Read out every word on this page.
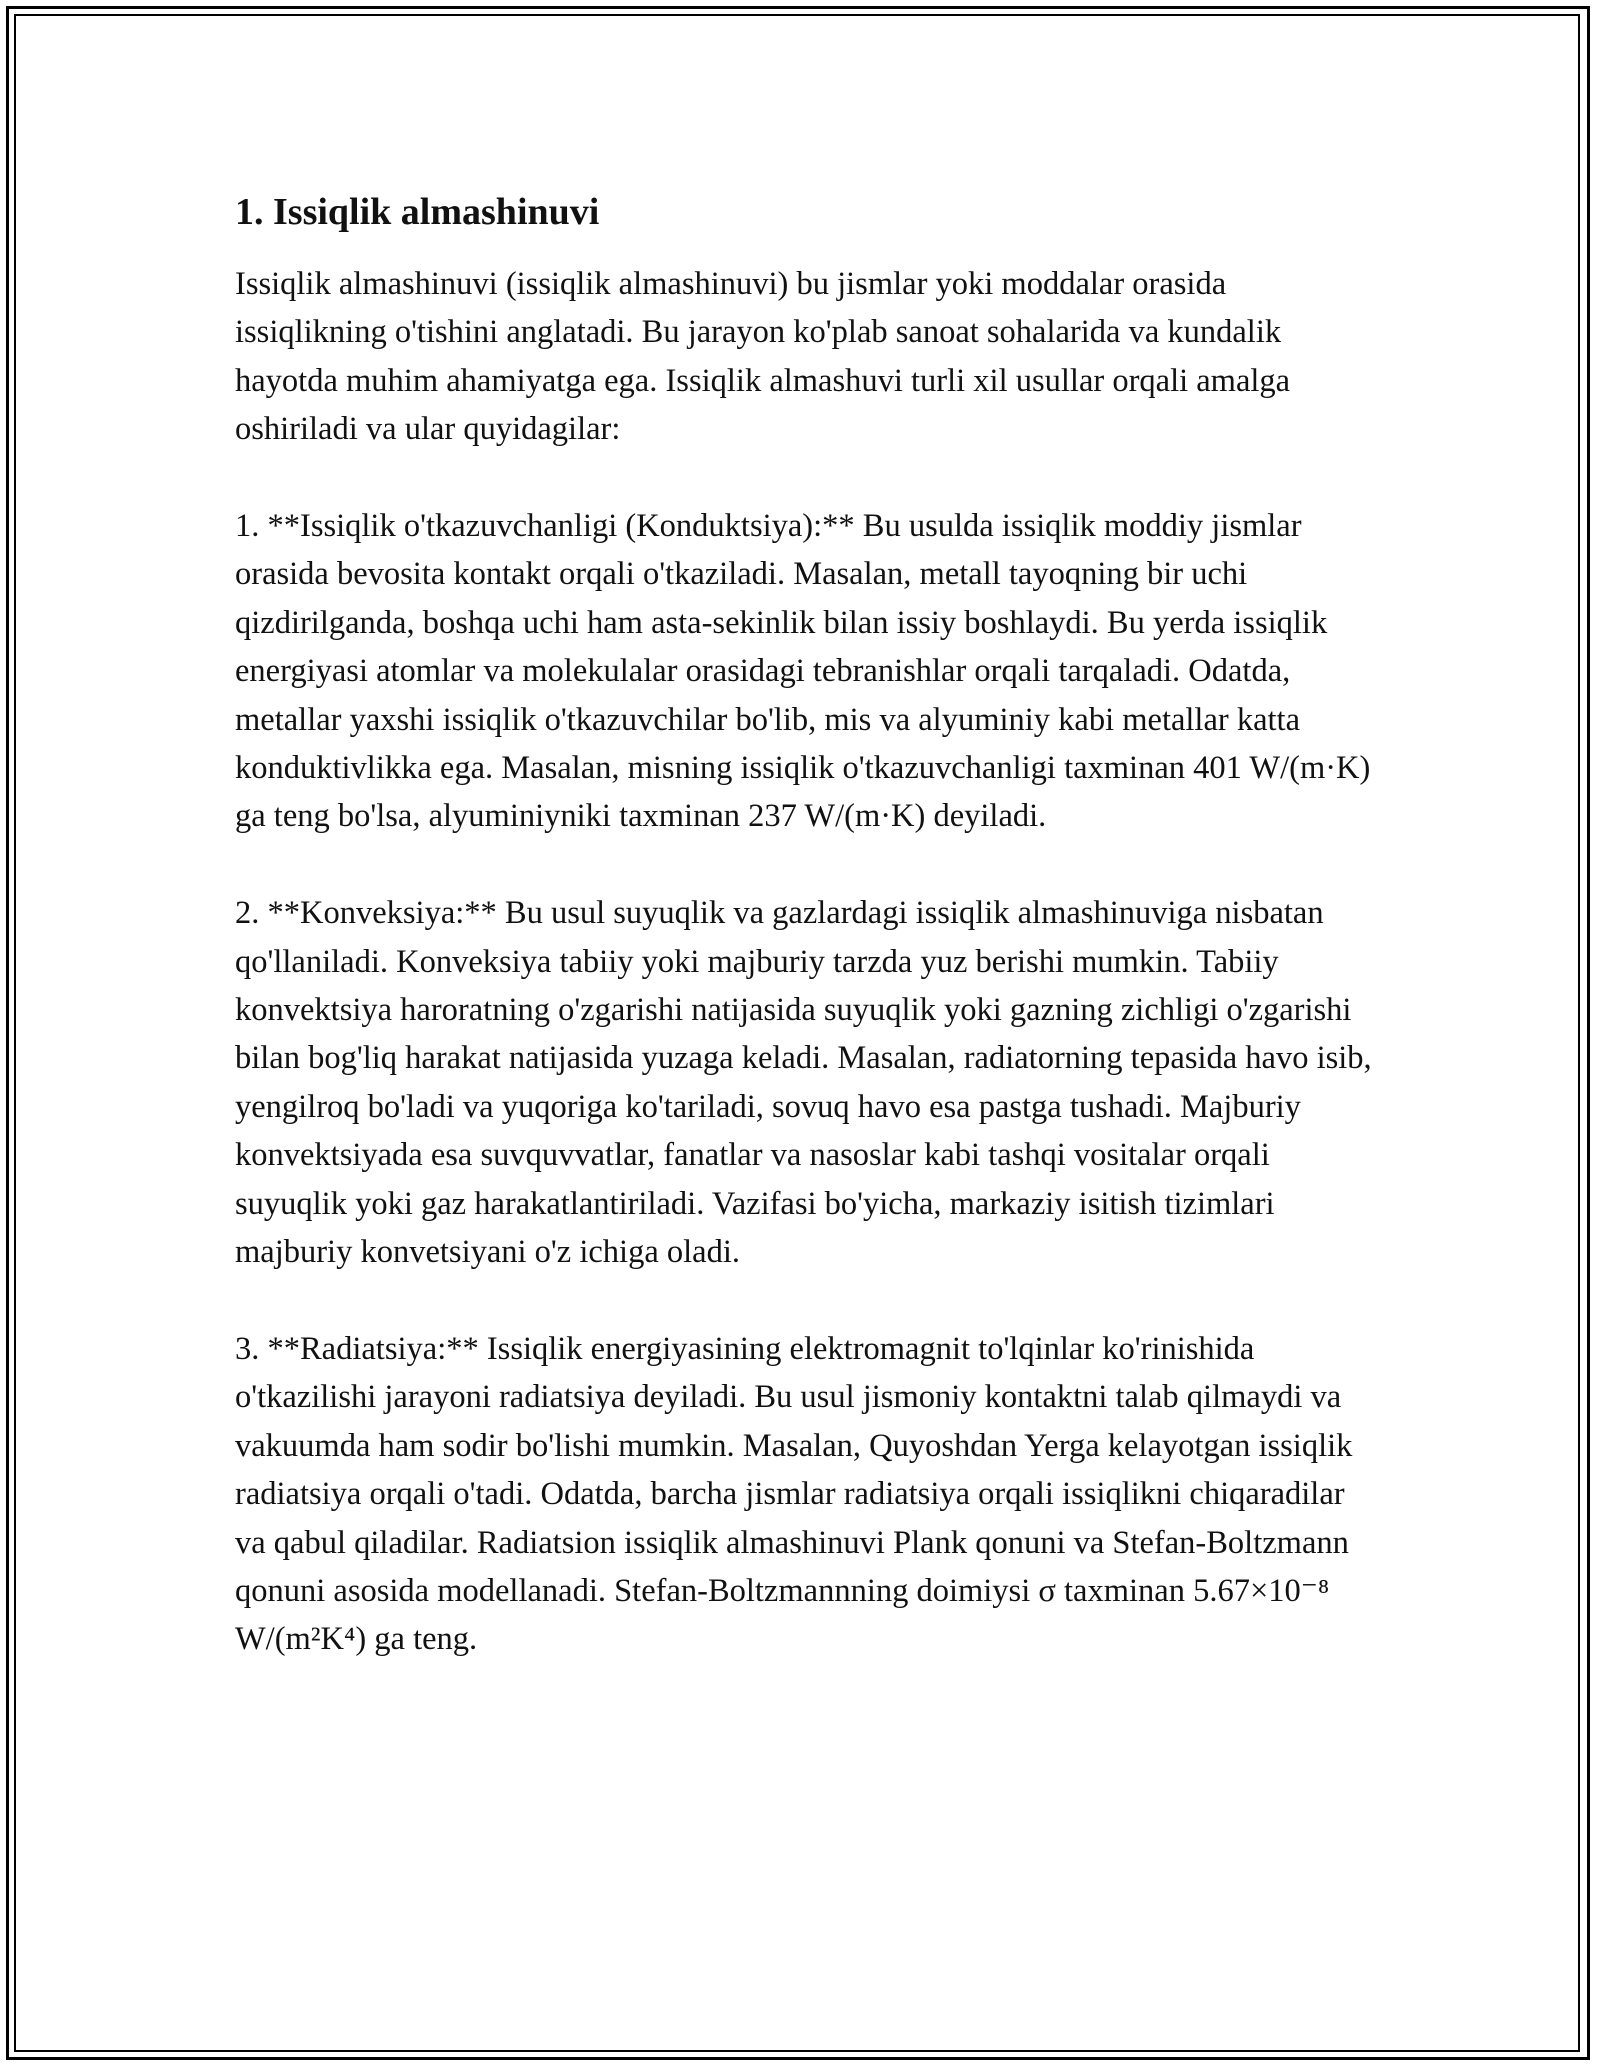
1. Issiqlik almashinuvi

Issiqlik almashinuvi (issiqlik almashinuvi) bu jismlar yoki moddalar orasida issiqlikning o'tishini anglatadi. Bu jarayon ko'plab sanoat sohalarida va kundalik hayotda muhim ahamiyatga ega. Issiqlik almashuvi turli xil usullar orqali amalga oshiriladi va ular quyidagilar:

1. **Issiqlik o'tkazuvchanligi (Konduktsiya):** Bu usulda issiqlik moddiy jismlar orasida bevosita kontakt orqali o'tkaziladi. Masalan, metall tayoqning bir uchi qizdirilganda, boshqa uchi ham asta-sekinlik bilan issiy boshlaydi. Bu yerda issiqlik energiyasi atomlar va molekulalar orasidagi tebranishlar orqali tarqaladi. Odatda, metallar yaxshi issiqlik o'tkazuvchilar bo'lib, mis va alyuminiy kabi metallar katta konduktivlikka ega. Masalan, misning issiqlik o'tkazuvchanligi taxminan 401 W/(m·K) ga teng bo'lsa, alyuminiyniki taxminan 237 W/(m·K) deyiladi.

2. **Konveksiya:** Bu usul suyuqlik va gazlardagi issiqlik almashinuviga nisbatan qo'llaniladi. Konveksiya tabiiy yoki majburiy tarzda yuz berishi mumkin. Tabiiy konvektsiya haroratning o'zgarishi natijasida suyuqlik yoki gazning zichligi o'zgarishi bilan bog'liq harakat natijasida yuzaga keladi. Masalan, radiatorning tepasida havo isib, yengilroq bo'ladi va yuqoriga ko'tariladi, sovuq havo esa pastga tushadi. Majburiy konvektsiyada esa suvquvvatlar, fanatlar va nasoslar kabi tashqi vositalar orqali suyuqlik yoki gaz harakatlantiriladi. Vazifasi bo'yicha, markaziy isitish tizimlari majburiy konvetsiyani o'z ichiga oladi.

3. **Radiatsiya:** Issiqlik energiyasining elektromagnit to'lqinlar ko'rinishida o'tkazilishi jarayoni radiatsiya deyiladi. Bu usul jismoniy kontaktni talab qilmaydi va vakuumda ham sodir bo'lishi mumkin. Masalan, Quyoshdan Yerga kelayotgan issiqlik radiatsiya orqali o'tadi. Odatda, barcha jismlar radiatsiya orqali issiqlikni chiqaradilar va qabul qiladilar. Radiatsion issiqlik almashinuvi Plank qonuni va Stefan-Boltzmann qonuni asosida modellanadi. Stefan-Boltzmannning doimiysi σ taxminan 5.67×10⁻⁸ W/(m²K⁴) ga teng.
